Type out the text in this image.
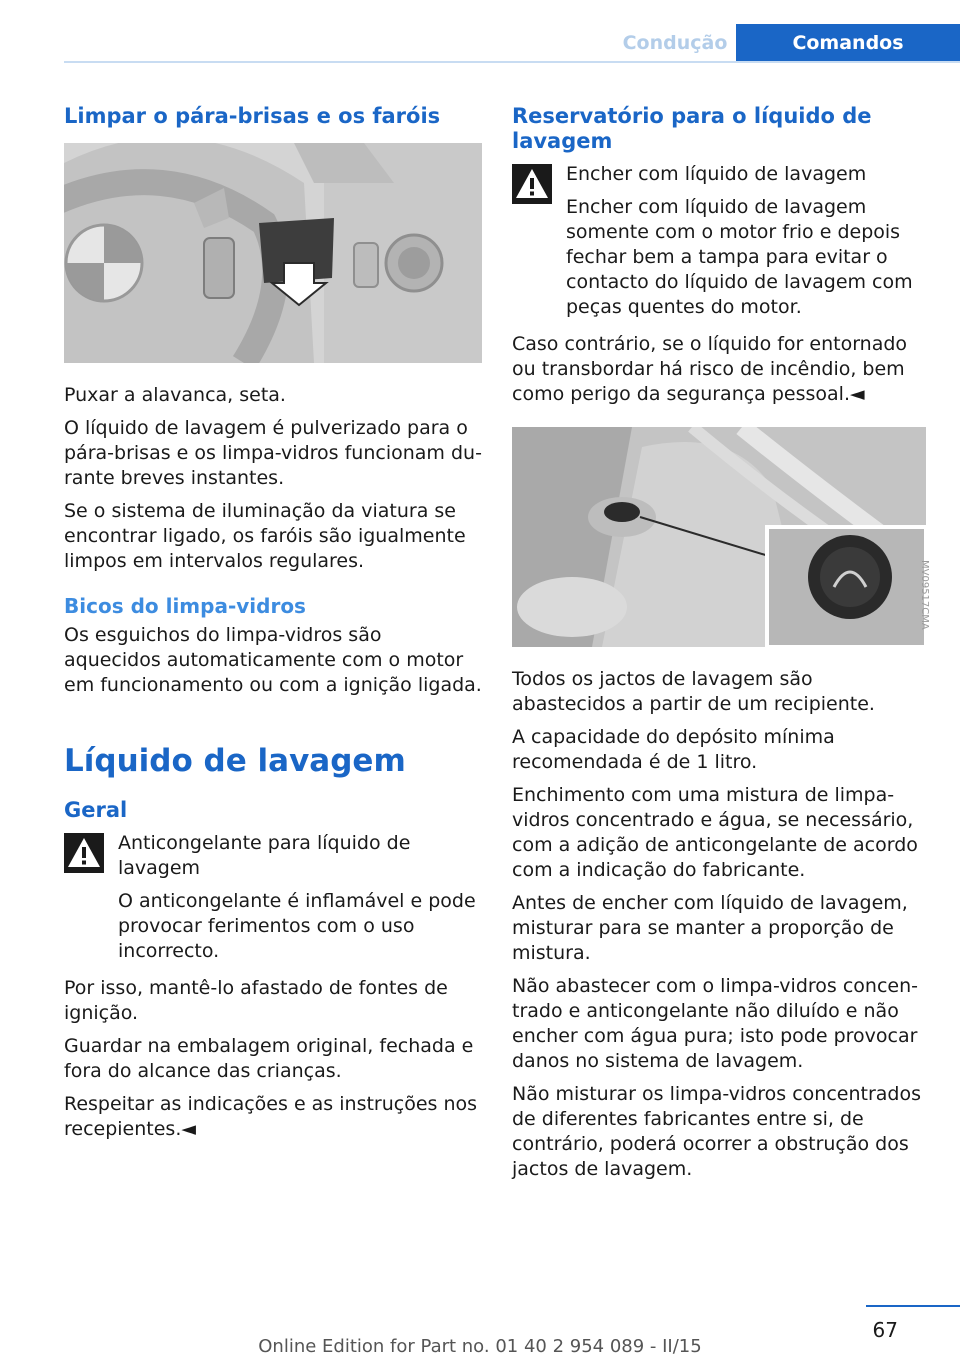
Condução	Comandos
Limpar o pára-brisas e os faróis

Puxar a alavanca, seta.

O líquido de lavagem é pulverizado para o pára-brisas e os limpa-vidros funcionam durante breves instantes.

Se o sistema de iluminação da viatura se encontrar ligado, os faróis são igualmente limpos em intervalos regulares.

Bicos do limpa-vidros

Os esguichos do limpa-vidros são aquecidos automaticamente com o motor em funcionamento ou com a ignição ligada.

Líquido de lavagem
Geral
Anticongelante para líquido de lavagem

O anticongelante é inflamável e pode provocar ferimentos com o uso incorrecto.

Por isso, mantê-lo afastado de fontes de ignição.

Guardar na embalagem original, fechada e fora do alcance das crianças.

Respeitar as indicações e as instruções nos recepientes.◄

Reservatório para o líquido de lavagem
Encher com líquido de lavagem

Encher com líquido de lavagem somente com o motor frio e depois fechar bem a tampa para evitar o contacto do líquido de lavagem com peças quentes do motor.

Caso contrário, se o líquido for entornado ou transbordar há risco de incêndio, bem como perigo da segurança pessoal.◄

Todos os jactos de lavagem são abastecidos a partir de um recipiente.

A capacidade do depósito mínima recomendada é de 1 litro.

Enchimento com uma mistura de limpa-vidros concentrado e água, se necessário, com a adição de anticongelante de acordo com a indicação do fabricante.

Antes de encher com líquido de lavagem, misturar para se manter a proporção de mistura.

Não abastecer com o limpa-vidros concentrado e anticongelante não diluído e não encher com água pura; isto pode provocar danos no sistema de lavagem.

Não misturar os limpa-vidros concentrados de diferentes fabricantes entre si, de contrário, poderá ocorrer a obstrução dos jactos de lavagem.

MV09517CMA
67
Online Edition for Part no. 01 40 2 954 089 - II/15
